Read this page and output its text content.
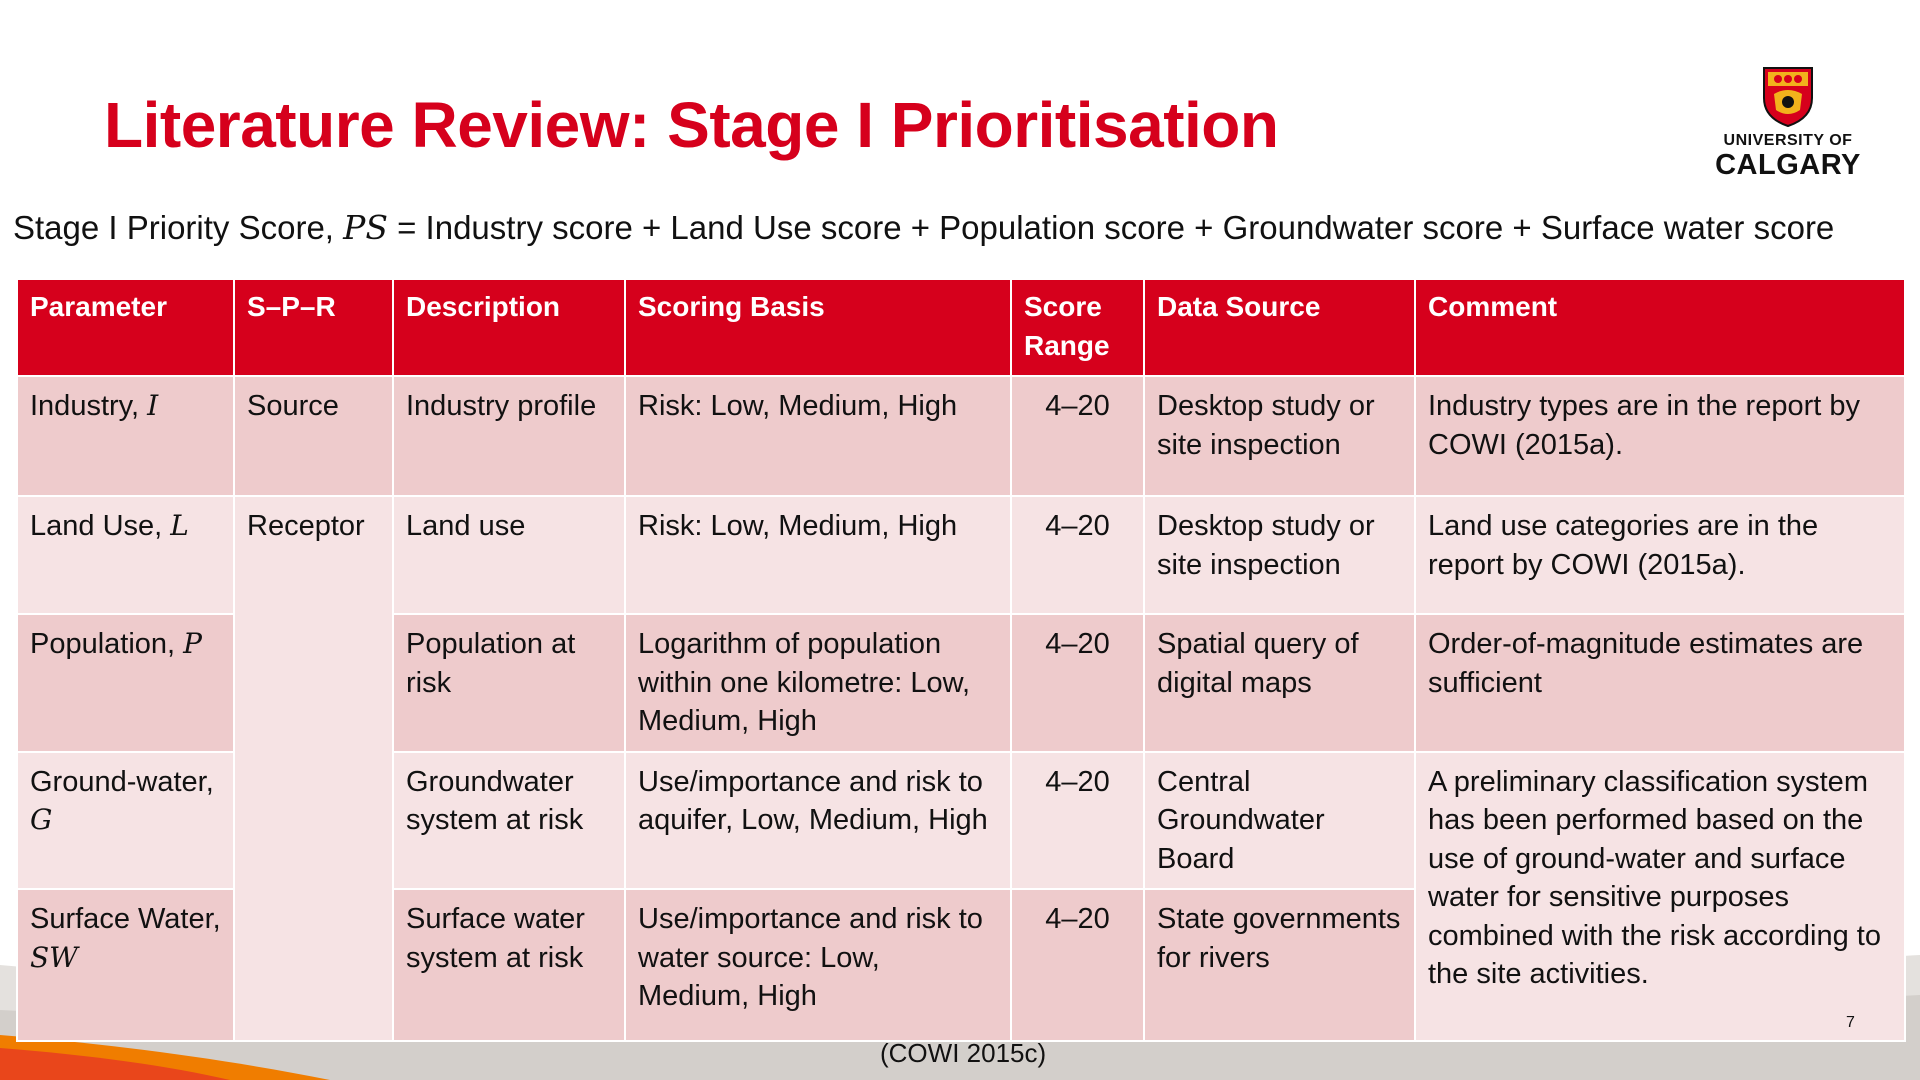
Literature Review: Stage I Prioritisation	UNIVERSITY OF
CALGARY
Stage I Priority Score, PS = Industry score + Land Use score + Population score + Groundwater score + Surface water score
Parameter	S–P–R	Description	Scoring Basis	Score Range	Data Source	Comment
Industry, I	Source	Industry profile	Risk: Low, Medium, High	4–20	Desktop study or site inspection	Industry types are in the report by COWI (2015a).
Land Use, L	Receptor	Land use	Risk: Low, Medium, High	4–20	Desktop study or site inspection	Land use categories are in the report by COWI (2015a).
Population, P		Population at risk	Logarithm of population within one kilometre: Low, Medium, High	4–20	Spatial query of digital maps	Order-of-magnitude estimates are sufficient
Ground-water, G		Groundwater system at risk	Use/importance and risk to aquifer, Low, Medium, High	4–20	Central Groundwater Board	A preliminary classification system has been performed based on the use of ground-water and surface water for sensitive purposes combined with the risk according to the site activities.
Surface Water, SW		Surface water system at risk	Use/importance and risk to water source: Low, Medium, High	4–20	State governments for rivers	
(COWI 2015c)
7
